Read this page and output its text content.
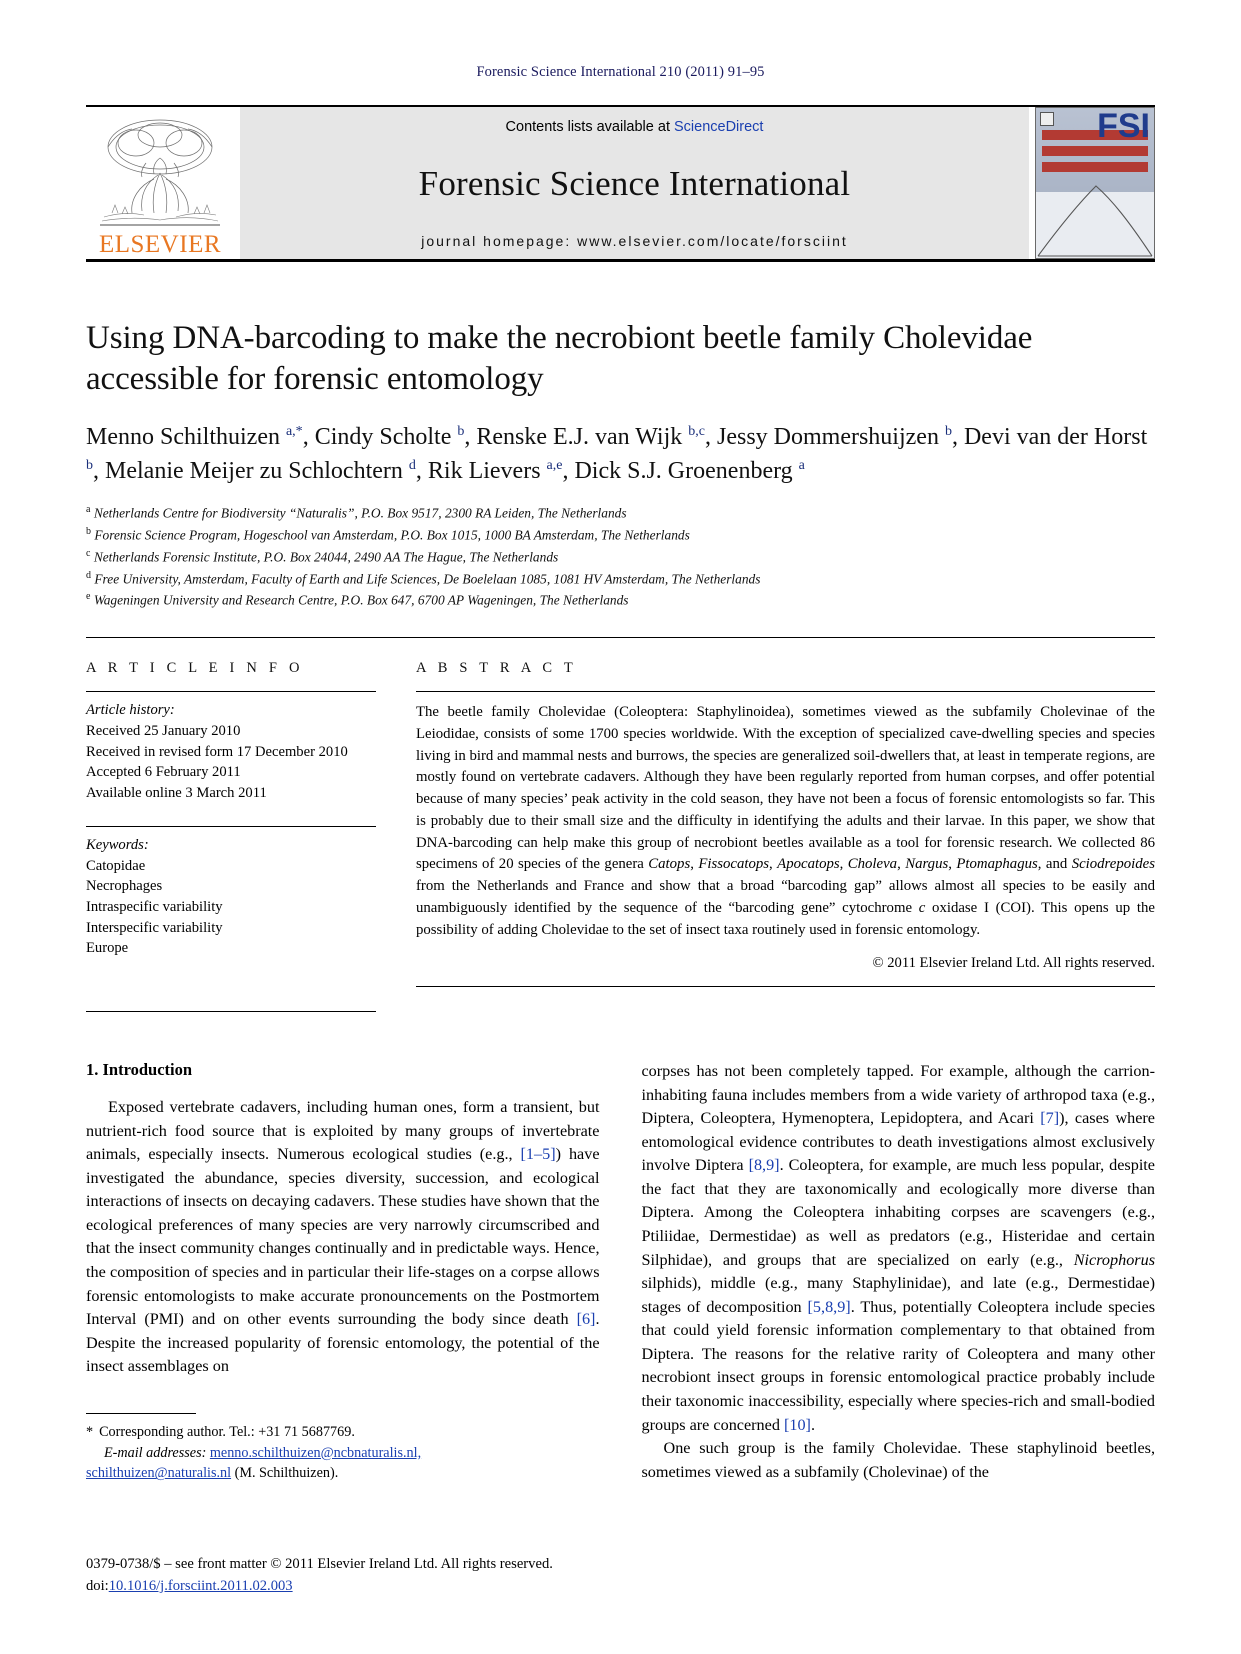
Forensic Science International 210 (2011) 91–95
ELSEVIER
Contents lists available at ScienceDirect
Forensic Science International
journal homepage: www.elsevier.com/locate/forsciint
FSI
Using DNA-barcoding to make the necrobiont beetle family Cholevidae accessible for forensic entomology
Menno Schilthuizen $^{a,*}$, Cindy Scholte $^b$, Renske E.J. van Wijk $^{b,c}$, Jessy Dommershuijzen $^b$, Devi van der Horst $^b$, Melanie Meijer zu Schlochtern $^d$, Rik Lievers $^{a,e}$, Dick S.J. Groenenberg $^a$
$^a$ Netherlands Centre for Biodiversity “Naturalis”, P.O. Box 9517, 2300 RA Leiden, The Netherlands
$^b$ Forensic Science Program, Hogeschool van Amsterdam, P.O. Box 1015, 1000 BA Amsterdam, The Netherlands
$^c$ Netherlands Forensic Institute, P.O. Box 24044, 2490 AA The Hague, The Netherlands
$^d$ Free University, Amsterdam, Faculty of Earth and Life Sciences, De Boelelaan 1085, 1081 HV Amsterdam, The Netherlands
$^e$ Wageningen University and Research Centre, P.O. Box 647, 6700 AP Wageningen, The Netherlands
A R T I C L E I N F O
Article history:
Received 25 January 2010
Received in revised form 17 December 2010
Accepted 6 February 2011
Available online 3 March 2011
Keywords:
Catopidae
Necrophages
Intraspecific variability
Interspecific variability
Europe
A B S T R A C T
The beetle family Cholevidae (Coleoptera: Staphylinoidea), sometimes viewed as the subfamily Cholevinae of the Leiodidae, consists of some 1700 species worldwide. With the exception of specialized cave-dwelling species and species living in bird and mammal nests and burrows, the species are generalized soil-dwellers that, at least in temperate regions, are mostly found on vertebrate cadavers. Although they have been regularly reported from human corpses, and offer potential because of many species’ peak activity in the cold season, they have not been a focus of forensic entomologists so far. This is probably due to their small size and the difficulty in identifying the adults and their larvae. In this paper, we show that DNA-barcoding can help make this group of necrobiont beetles available as a tool for forensic research. We collected 86 specimens of 20 species of the genera Catops, Fissocatops, Apocatops, Choleva, Nargus, Ptomaphagus, and Sciodrepoides from the Netherlands and France and show that a broad “barcoding gap” allows almost all species to be easily and unambiguously identified by the sequence of the “barcoding gene” cytochrome c oxidase I (COI). This opens up the possibility of adding Cholevidae to the set of insect taxa routinely used in forensic entomology.
© 2011 Elsevier Ireland Ltd. All rights reserved.
1. Introduction

Exposed vertebrate cadavers, including human ones, form a transient, but nutrient-rich food source that is exploited by many groups of invertebrate animals, especially insects. Numerous ecological studies (e.g., [1–5]) have investigated the abundance, species diversity, succession, and ecological interactions of insects on decaying cadavers. These studies have shown that the ecological preferences of many species are very narrowly circumscribed and that the insect community changes continually and in predictable ways. Hence, the composition of species and in particular their life-stages on a corpse allows forensic entomologists to make accurate pronouncements on the Postmortem Interval (PMI) and on other events surrounding the body since death [6]. Despite the increased popularity of forensic entomology, the potential of the insect assemblages on

* Corresponding author. Tel.: +31 71 5687769.
E-mail addresses: menno.schilthuizen@ncbnaturalis.nl,
schilthuizen@naturalis.nl (M. Schilthuizen).

corpses has not been completely tapped. For example, although the carrion-inhabiting fauna includes members from a wide variety of arthropod taxa (e.g., Diptera, Coleoptera, Hymenoptera, Lepidoptera, and Acari [7]), cases where entomological evidence contributes to death investigations almost exclusively involve Diptera [8,9]. Coleoptera, for example, are much less popular, despite the fact that they are taxonomically and ecologically more diverse than Diptera. Among the Coleoptera inhabiting corpses are scavengers (e.g., Ptiliidae, Dermestidae) as well as predators (e.g., Histeridae and certain Silphidae), and groups that are specialized on early (e.g., Nicrophorus silphids), middle (e.g., many Staphylinidae), and late (e.g., Dermestidae) stages of decomposition [5,8,9]. Thus, potentially Coleoptera include species that could yield forensic information complementary to that obtained from Diptera. The reasons for the relative rarity of Coleoptera and many other necrobiont insect groups in forensic entomological practice probably include their taxonomic inaccessibility, especially where species-rich and small-bodied groups are concerned [10].

One such group is the family Cholevidae. These staphylinoid beetles, sometimes viewed as a subfamily (Cholevinae) of the

0379-0738/$ – see front matter © 2011 Elsevier Ireland Ltd. All rights reserved.
doi:10.1016/j.forsciint.2011.02.003
